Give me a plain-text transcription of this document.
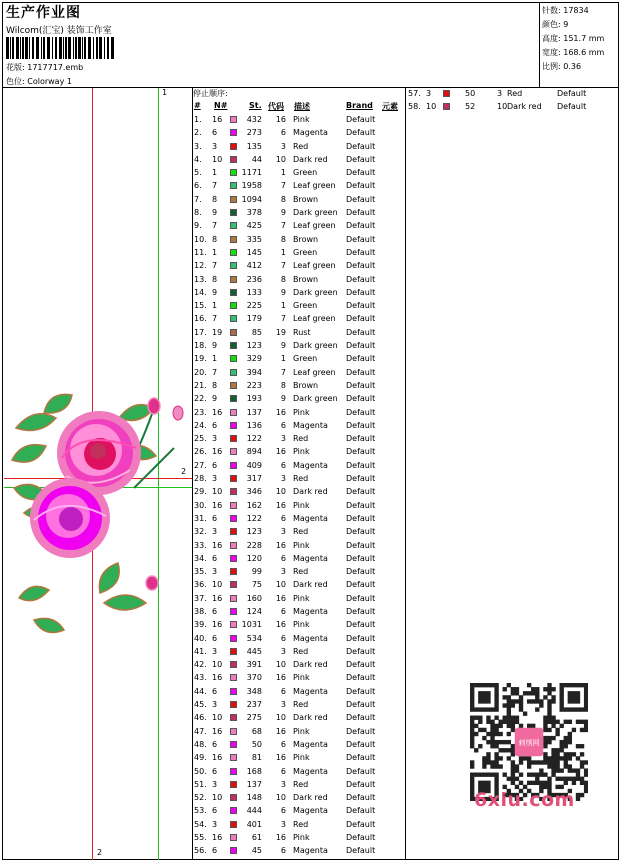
生产作业图
Wilcom(汇宝) 装饰工作室
花版: 1717717.emb
色位: Colorway 1
针数: 17834
颜色: 9
高度: 151.7 mm
宽度: 168.6 mm
比例: 0.36
1
2
2
停止顺序:
# N#	St. 代码 描述	Brand 元素
1. 16	432 16 Pink	Default
2. 6	273 6 Magenta Default
3. 3	135 3 Red	Default
4. 10	44 10 Dark red Default
5. 1	1171 1 Green	Default
6. 7	1958 7 Leaf green Default
7. 8	1094 8 Brown	Default
8. 9	378 9 Dark green Default
9. 7	425 7 Leaf green Default
10. 8	335 8 Brown	Default
11. 1	145 1 Green	Default
12. 7	412 7 Leaf green Default
13. 8	236 8 Brown	Default
14. 9	133 9 Dark green Default
15. 1	225 1 Green	Default
16. 7	179 7 Leaf green Default
17. 19	85 19 Rust	Default
18. 9	123 9 Dark green Default
19. 1	329 1 Green	Default
20. 7	394 7 Leaf green Default
21. 8	223 8 Brown	Default
22. 9	193 9 Dark green Default
23. 16	137 16 Pink	Default
24. 6	136 6 Magenta Default
25. 3	122 3 Red	Default
26. 16	894 16 Pink	Default
27. 6	409 6 Magenta Default
28. 3	317 3 Red	Default
29. 10	346 10 Dark red Default
30. 16	162 16 Pink	Default
31. 6	122 6 Magenta Default
32. 3	123 3 Red	Default
33. 16	228 16 Pink	Default
34. 6	120 6 Magenta Default
35. 3	99 3 Red	Default
36. 10	75 10 Dark red Default
37. 16	160 16 Pink	Default
38. 6	124 6 Magenta Default
39. 16 1031 16 Pink	Default
40. 6	534 6 Magenta Default
41. 3	445 3 Red	Default
42. 10	391 10 Dark red Default
43. 16	370 16 Pink	Default
44. 6	348 6 Magenta Default
45. 3	237 3 Red	Default
46. 10	275 10 Dark red Default
47. 16	68 16 Pink	Default
48. 6	50 6 Magenta Default
49. 16	81 16 Pink	Default
50. 6	168 6 Magenta Default
51. 3	137 3 Red	Default
52. 10	148 10 Dark red Default
53. 6	444 6 Magenta Default
54. 3	401 3 Red	Default
55. 16	61 16 Pink	Default
56. 6	45 6 Magenta Default
57. 3	50	3 Red	Default
58. 10	52	10 Dark red Default
刺绣网
6xiu.com
